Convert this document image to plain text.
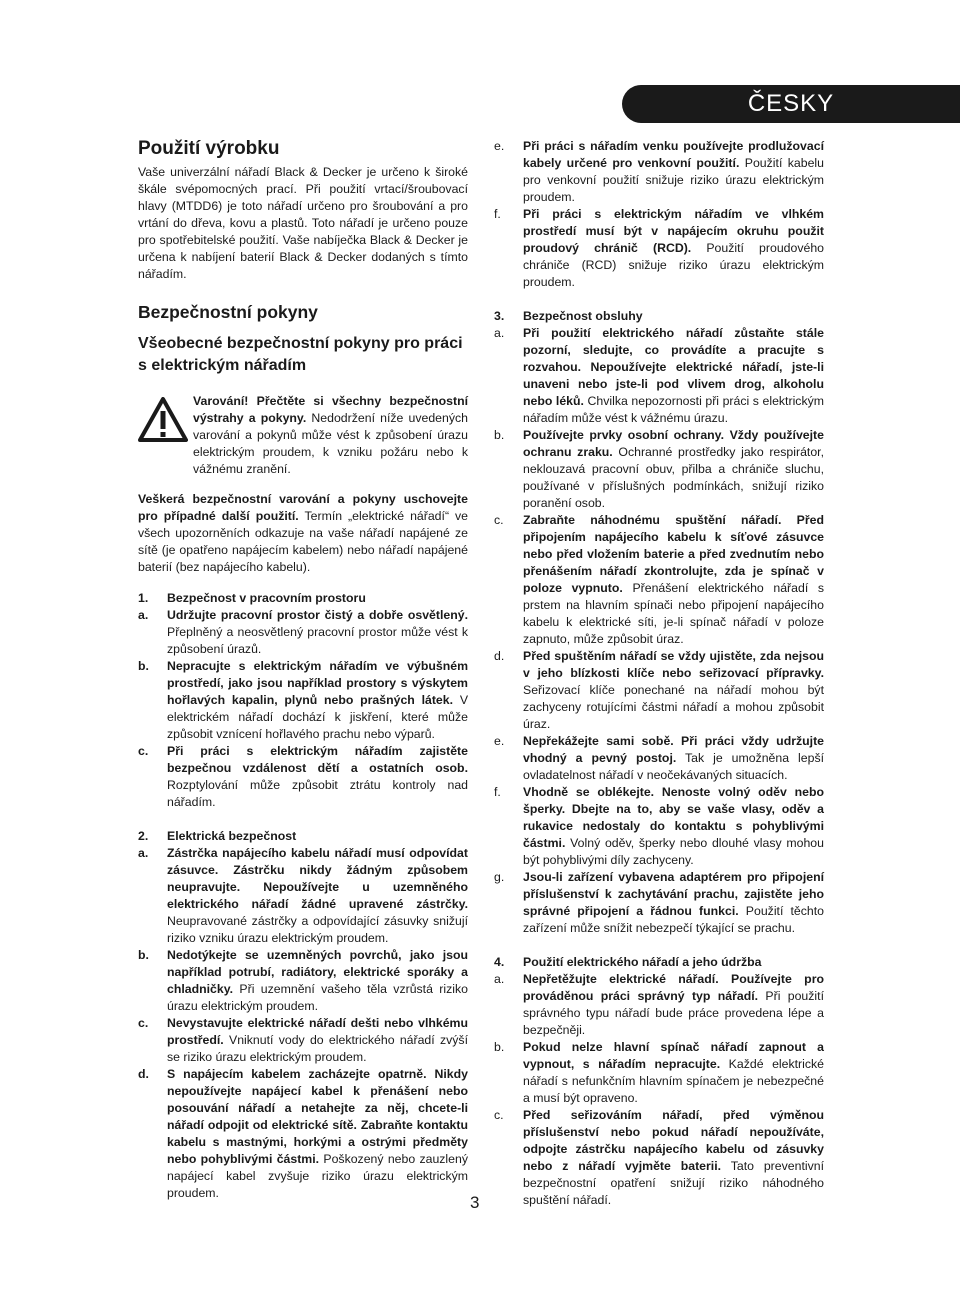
ČESKY
Použití výrobku

Vaše univerzální nářadí Black & Decker je určeno k široké škále svépomocných prací. Při použití vrtací/šroubovací hlavy (MTDD6) je toto nářadí určeno pro šroubování a pro vrtání do dřeva, kovu a plastů. Toto nářadí je určeno pouze pro spotřebitelské použití. Vaše nabíječka Black & Decker je určena k nabíjení baterií Black & Decker dodaných s tímto nářadím.

Bezpečnostní pokyny
Všeobecné bezpečnostní pokyny pro práci s elektrickým nářadím
Varování! Přečtěte si všechny bezpečnostní výstrahy a pokyny. Nedodržení níže uvedených varování a pokynů může vést k způsobení úrazu elektrickým proudem, k vzniku požáru nebo k vážnému zranění.

Veškerá bezpečnostní varování a pokyny uschovejte pro případné další použití. Termín „elektrické nářadí“ ve všech upozorněních odkazuje na vaše nářadí napájené ze sítě (je opatřeno napájecím kabelem) nebo nářadí napájené baterií (bez napájecího kabelu).

1.	Bezpečnost v pracovním prostoru
a.	Udržujte pracovní prostor čistý a dobře osvětlený. Přeplněný a neosvětlený pracovní prostor může vést k způsobení úrazů.
b.	Nepracujte s elektrickým nářadím ve výbušném prostředí, jako jsou například prostory s výskytem hořlavých kapalin, plynů nebo prašných látek. V elektrickém nářadí dochází k jiskření, které může způsobit vznícení hořlavého prachu nebo výparů.
c.	Při práci s elektrickým nářadím zajistěte bezpečnou vzdálenost dětí a ostatních osob. Rozptylování může způsobit ztrátu kontroly nad nářadím.
2.	Elektrická bezpečnost
a.	Zástrčka napájecího kabelu nářadí musí odpovídat zásuvce. Zástrčku nikdy žádným způsobem neupravujte. Nepoužívejte u uzemněného elektrického nářadí žádné upravené zástrčky. Neupravované zástrčky a odpovídající zásuvky snižují riziko vzniku úrazu elektrickým proudem.
b.	Nedotýkejte se uzemněných povrchů, jako jsou například potrubí, radiátory, elektrické sporáky a chladničky. Při uzemnění vašeho těla vzrůstá riziko úrazu elektrickým proudem.
c.	Nevystavujte elektrické nářadí dešti nebo vlhkému prostředí. Vniknutí vody do elektrického nářadí zvýší se riziko úrazu elektrickým proudem.
d.	S napájecím kabelem zacházejte opatrně. Nikdy nepoužívejte napájecí kabel k přenášení nebo posouvání nářadí a netahejte za něj, chcete-li nářadí odpojit od elektrické sítě. Zabraňte kontaktu kabelu s mastnými, horkými a ostrými předměty nebo pohyblivými částmi. Poškozený nebo zauzlený napájecí kabel zvyšuje riziko úrazu elektrickým proudem.
e.	Při práci s nářadím venku používejte prodlužovací kabely určené pro venkovní použití. Použití kabelu pro venkovní použití snižuje riziko úrazu elektrickým proudem.
f.	Při práci s elektrickým nářadím ve vlhkém prostředí musí být v napájecím okruhu použit proudový chránič (RCD). Použití proudového chrániče (RCD) snižuje riziko úrazu elektrickým proudem.
3.	Bezpečnost obsluhy
a.	Při použití elektrického nářadí zůstaňte stále pozorní, sledujte, co provádíte a pracujte s rozvahou. Nepoužívejte elektrické nářadí, jste-li unaveni nebo jste-li pod vlivem drog, alkoholu nebo léků. Chvilka nepozornosti při práci s elektrickým nářadím může vést k vážnému úrazu.
b.	Používejte prvky osobní ochrany. Vždy používejte ochranu zraku. Ochranné prostředky jako respirátor, neklouzavá pracovní obuv, přilba a chrániče sluchu, používané v příslušných podmínkách, snižují riziko poranění osob.
c.	Zabraňte náhodnému spuštění nářadí. Před připojením napájecího kabelu k síťové zásuvce nebo před vložením baterie a před zvednutím nebo přenášením nářadí zkontrolujte, zda je spínač v poloze vypnuto. Přenášení elektrického nářadí s prstem na hlavním spínači nebo připojení napájecího kabelu k elektrické síti, je-li spínač nářadí v poloze zapnuto, může způsobit úraz.
d.	Před spuštěním nářadí se vždy ujistěte, zda nejsou v jeho blízkosti klíče nebo seřizovací přípravky. Seřizovací klíče ponechané na nářadí mohou být zachyceny rotujícími částmi nářadí a mohou způsobit úraz.
e.	Nepřekážejte sami sobě. Při práci vždy udržujte vhodný a pevný postoj. Tak je umožněna lepší ovladatelnost nářadí v neočekávaných situacích.
f.	Vhodně se oblékejte. Nenoste volný oděv nebo šperky. Dbejte na to, aby se vaše vlasy, oděv a rukavice nedostaly do kontaktu s pohyblivými částmi. Volný oděv, šperky nebo dlouhé vlasy mohou být pohyblivými díly zachyceny.
g.	Jsou-li zařízení vybavena adaptérem pro připojení příslušenství k zachytávání prachu, zajistěte jeho správné připojení a řádnou funkci. Použití těchto zařízení může snížit nebezpečí týkající se prachu.
4.	Použití elektrického nářadí a jeho údržba
a.	Nepřetěžujte elektrické nářadí. Používejte pro prováděnou práci správný typ nářadí. Při použití správného typu nářadí bude práce provedena lépe a bezpečněji.
b.	Pokud nelze hlavní spínač nářadí zapnout a vypnout, s nářadím nepracujte. Každé elektrické nářadí s nefunkčním hlavním spínačem je nebezpečné a musí být opraveno.
c.	Před seřizováním nářadí, před výměnou příslušenství nebo pokud nářadí nepoužíváte, odpojte zástrčku napájecího kabelu od zásuvky nebo z nářadí vyjměte baterii. Tato preventivní bezpečnostní opatření snižují riziko náhodného spuštění nářadí.
3
